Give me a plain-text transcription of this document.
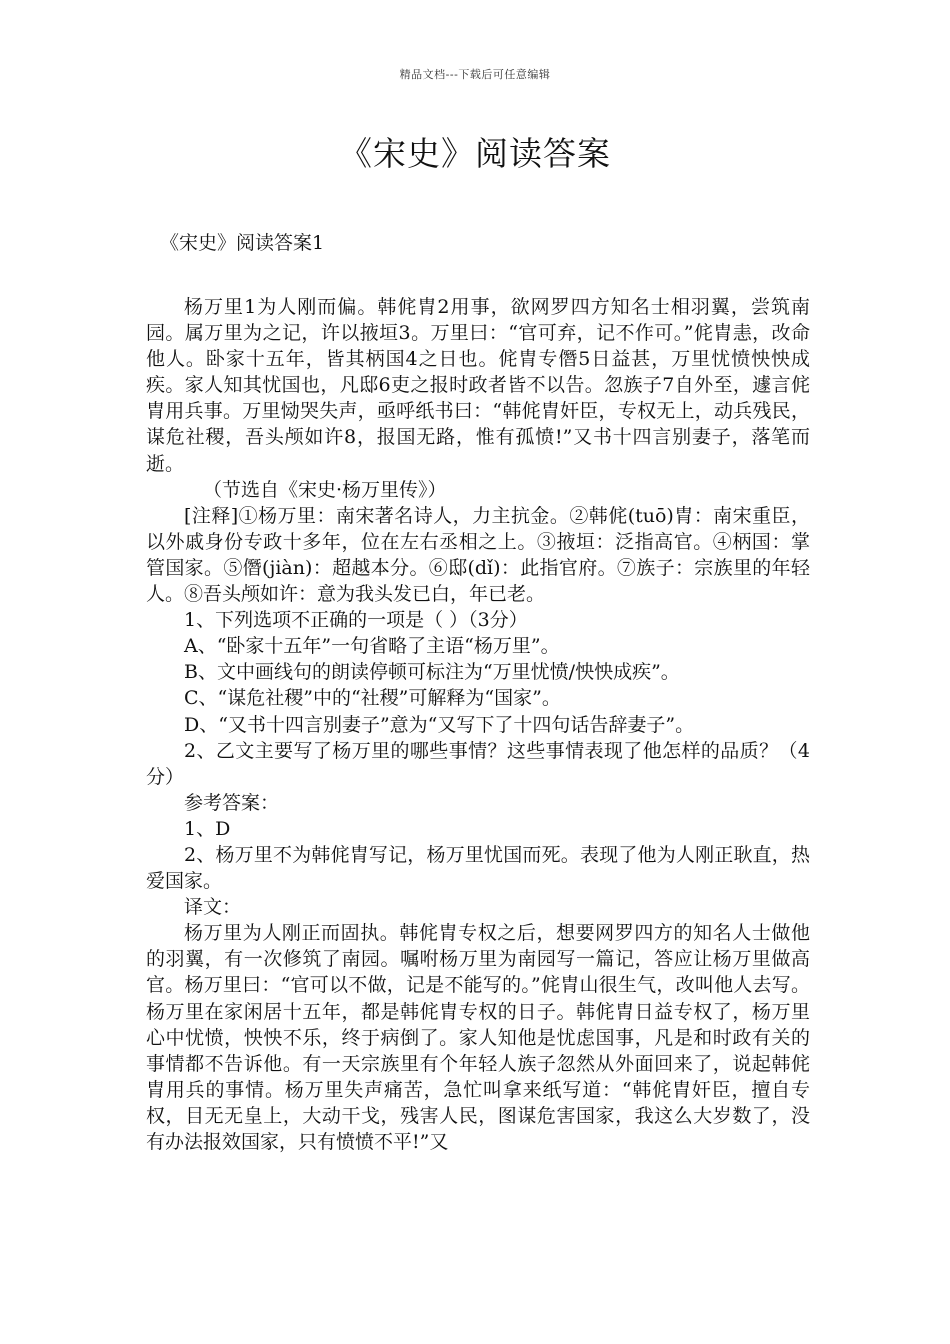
精品文档---下载后可任意编辑
《宋史》阅读答案
《宋史》阅读答案1

杨万里1为人刚而偏。韩侂胄2用事，欲网罗四方知名士相羽翼，尝筑南园。属万里为之记，许以掖垣3。万里曰：“官可弃，记不作可。”侂胄恚，改命他人。卧家十五年，皆其柄国4之日也。侂胄专僭5日益甚，万里忧愤怏怏成疾。家人知其忧国也，凡邸6吏之报时政者皆不以告。忽族子7自外至，遽言侂胄用兵事。万里恸哭失声，亟呼纸书曰：“韩侂胄奸臣，专权无上，动兵残民，谋危社稷，吾头颅如许8，报国无路，惟有孤愤!”又书十四言别妻子，落笔而逝。

（节选自《宋史·杨万里传》）

[注释]①杨万里：南宋著名诗人，力主抗金。②韩侂(tuō)胄：南宋重臣，以外戚身份专政十多年，位在左右丞相之上。③掖垣：泛指高官。④柄国：掌管国家。⑤僭(jiàn)：超越本分。⑥邸(dǐ)：此指官府。⑦族子：宗族里的年轻人。⑧吾头颅如许：意为我头发已白，年已老。

1、下列选项不正确的一项是（ ）（3分）

A、“卧家十五年”一句省略了主语“杨万里”。

B、文中画线句的朗读停顿可标注为“万里忧愤/怏怏成疾”。

C、“谋危社稷”中的“社稷”可解释为“国家”。

D、“又书十四言别妻子”意为“又写下了十四句话告辞妻子”。

2、乙文主要写了杨万里的哪些事情？这些事情表现了他怎样的品质？（4分）

参考答案：

1、D

2、杨万里不为韩侂胄写记，杨万里忧国而死。表现了他为人刚正耿直，热爱国家。

译文：

杨万里为人刚正而固执。韩侂胄专权之后，想要网罗四方的知名人士做他的羽翼，有一次修筑了南园。嘱咐杨万里为南园写一篇记，答应让杨万里做高官。杨万里曰：“官可以不做，记是不能写的。”侂胄山很生气，改叫他人去写。杨万里在家闲居十五年，都是韩侂胄专权的日子。韩侂胄日益专权了，杨万里心中忧愤，怏怏不乐，终于病倒了。家人知他是忧虑国事，凡是和时政有关的事情都不告诉他。有一天宗族里有个年轻人族子忽然从外面回来了，说起韩侂胄用兵的事情。杨万里失声痛苦，急忙叫拿来纸写道：“韩侂胄奸臣，擅自专权，目无无皇上，大动干戈，残害人民，图谋危害国家，我这么大岁数了，没有办法报效国家，只有愤愤不平!”又
